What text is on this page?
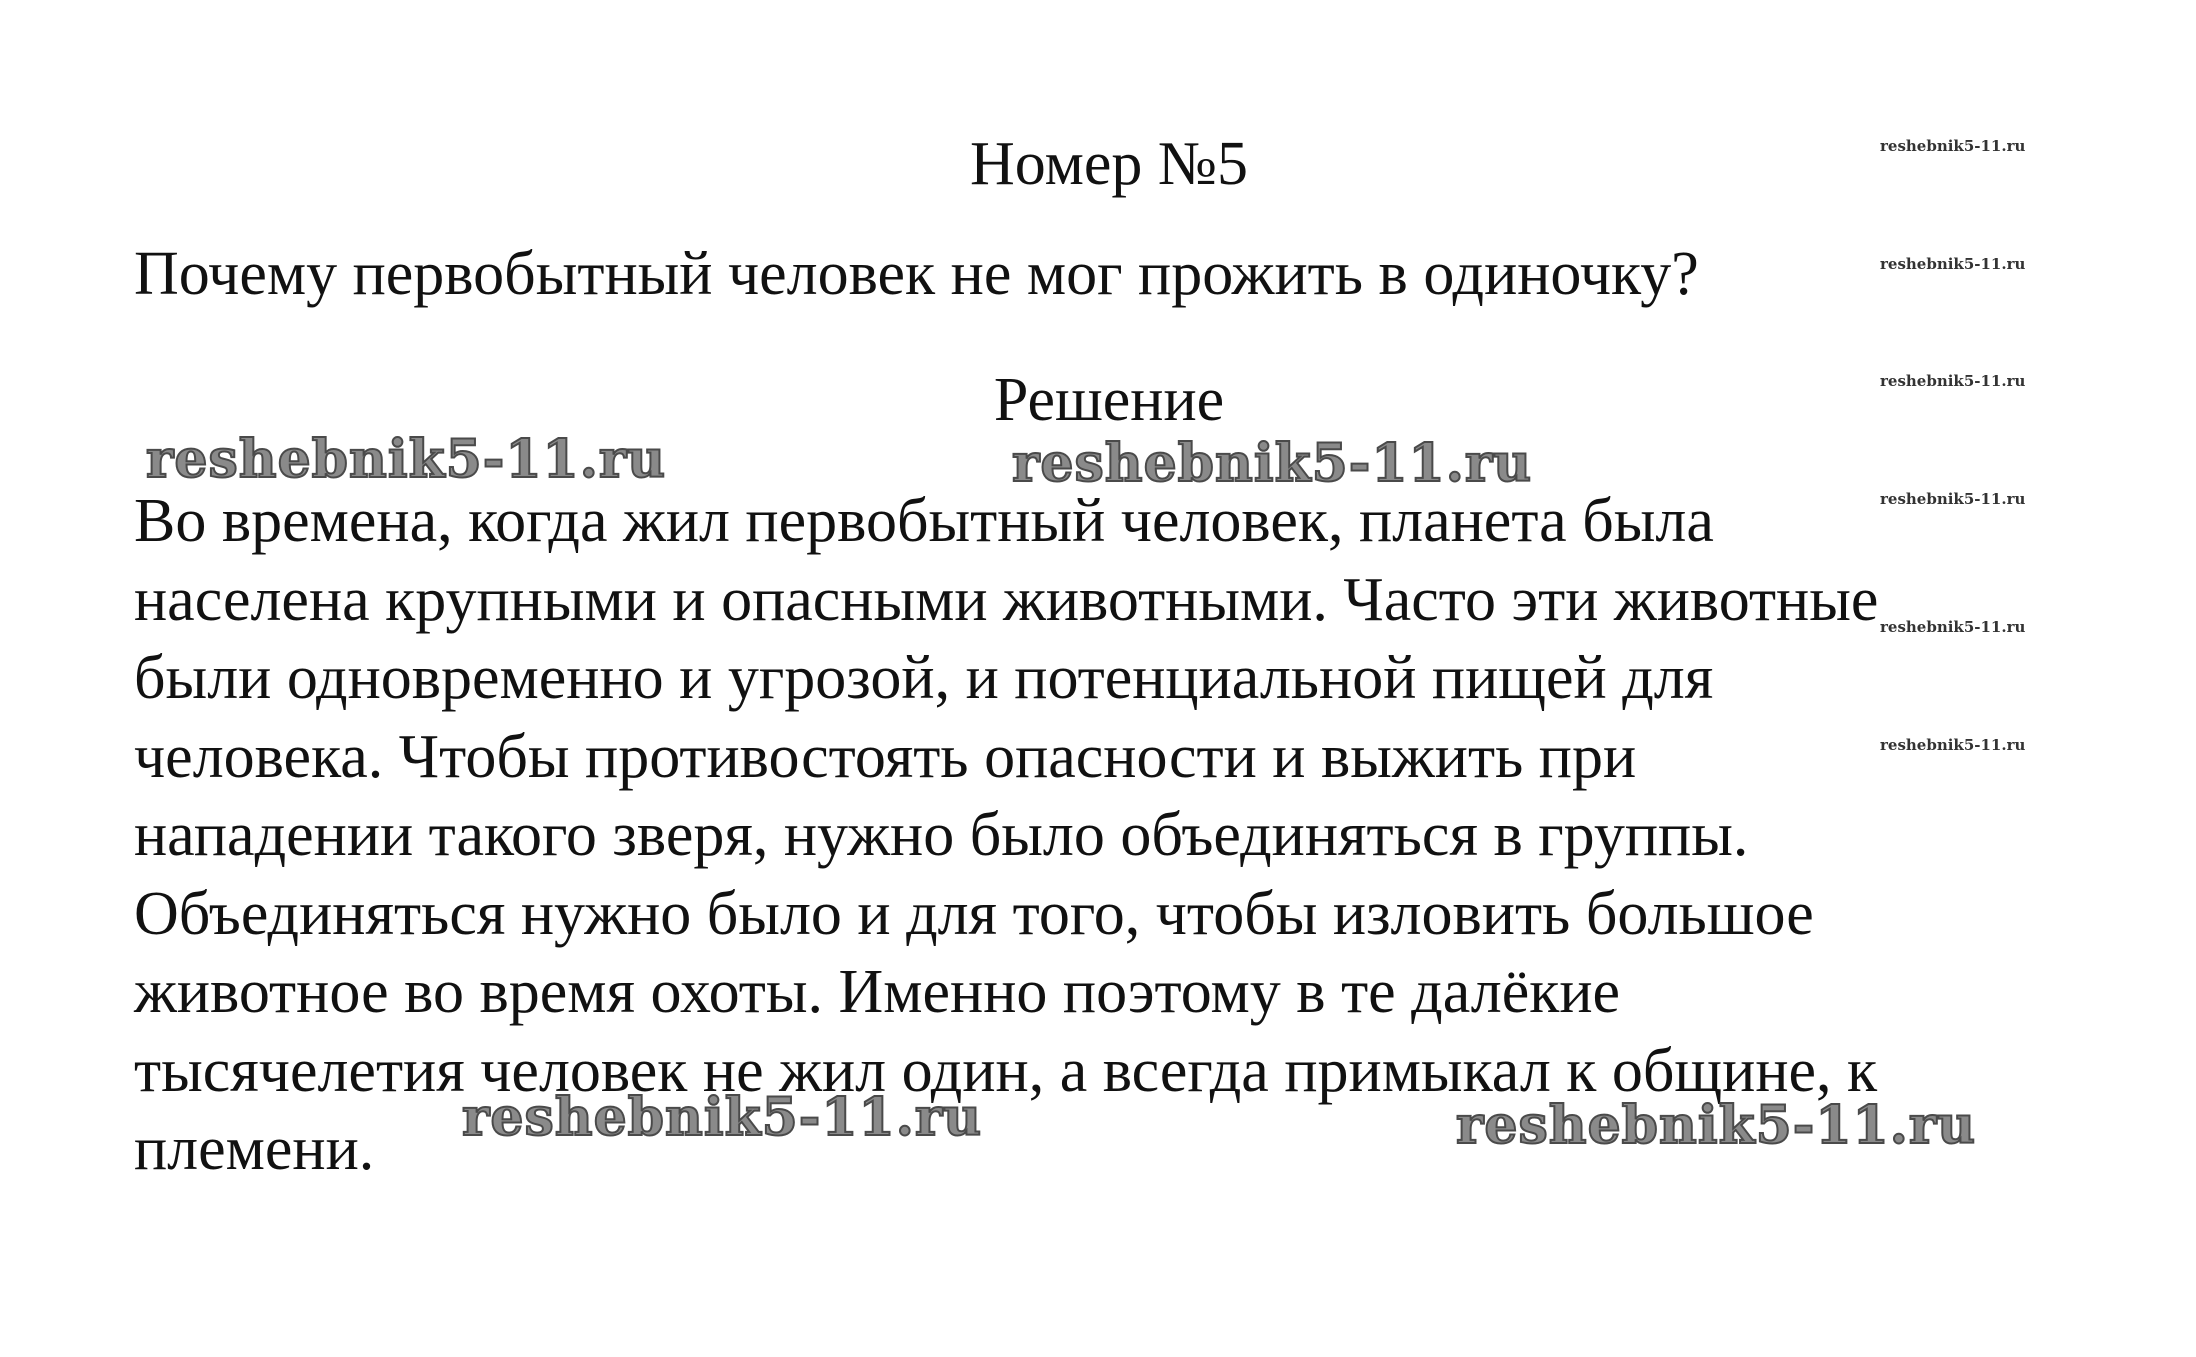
Номер №5
Почему первобытный человек не мог прожить в одиночку?
Решение
Во времена, когда жил первобытный человек, планета была
населена крупными и опасными животными. Часто эти животные
были одновременно и угрозой, и потенциальной пищей для
человека. Чтобы противостоять опасности и выжить при
нападении такого зверя, нужно было объединяться в группы.
Объединяться нужно было и для того, чтобы изловить большое
животное во время охоты. Именно поэтому в те далёкие
тысячелетия человек не жил один, а всегда примыкал к общине, к
племени.
reshebnik5-11.ru	reshebnik5-11.ru
reshebnik5-11.ru	reshebnik5-11.ru
reshebnik5-11.ru
reshebnik5-11.ru
reshebnik5-11.ru
reshebnik5-11.ru
reshebnik5-11.ru
reshebnik5-11.ru
